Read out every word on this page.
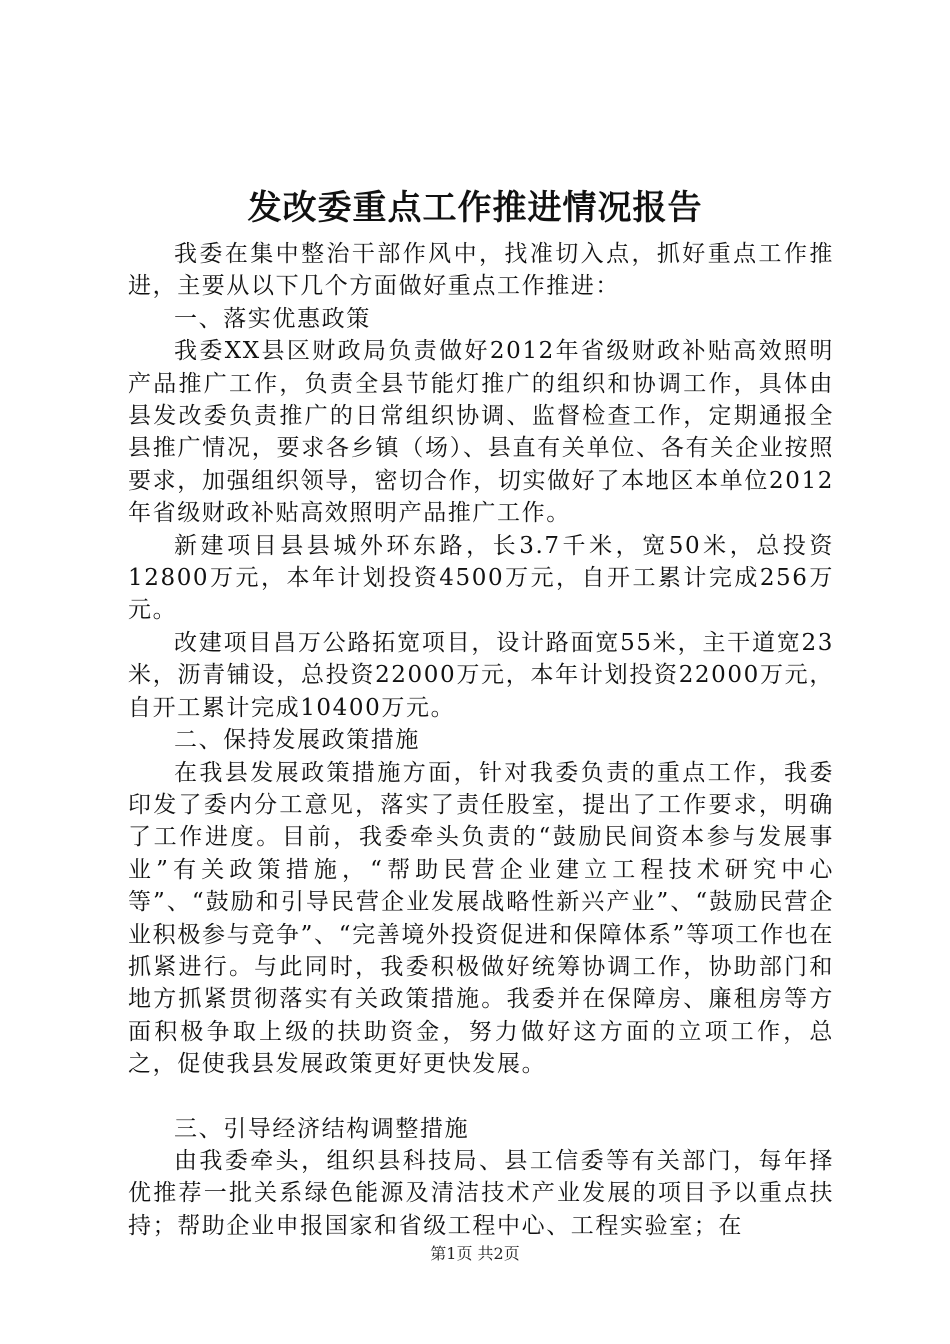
发改委重点工作推进情况报告

我委在集中整治干部作风中，找准切入点，抓好重点工作推进，主要从以下几个方面做好重点工作推进：

一、落实优惠政策

我委XX县区财政局负责做好2012年省级财政补贴高效照明产品推广工作，负责全县节能灯推广的组织和协调工作，具体由县发改委负责推广的日常组织协调、监督检查工作，定期通报全县推广情况，要求各乡镇（场）、县直有关单位、各有关企业按照要求，加强组织领导，密切合作，切实做好了本地区本单位2012年省级财政补贴高效照明产品推广工作。

新建项目县县城外环东路，长3.7千米，宽50米，总投资12800万元，本年计划投资4500万元，自开工累计完成256万元。

改建项目昌万公路拓宽项目，设计路面宽55米，主干道宽23米，沥青铺设，总投资22000万元，本年计划投资22000万元，自开工累计完成10400万元。

二、保持发展政策措施

在我县发展政策措施方面，针对我委负责的重点工作，我委印发了委内分工意见，落实了责任股室，提出了工作要求，明确了工作进度。目前，我委牵头负责的“鼓励民间资本参与发展事业”有关政策措施，“帮助民营企业建立工程技术研究中心等”、“鼓励和引导民营企业发展战略性新兴产业”、“鼓励民营企业积极参与竞争”、“完善境外投资促进和保障体系”等项工作也在抓紧进行。与此同时，我委积极做好统筹协调工作，协助部门和地方抓紧贯彻落实有关政策措施。我委并在保障房、廉租房等方面积极争取上级的扶助资金，努力做好这方面的立项工作，总之，促使我县发展政策更好更快发展。

三、引导经济结构调整措施

由我委牵头，组织县科技局、县工信委等有关部门，每年择优推荐一批关系绿色能源及清洁技术产业发展的项目予以重点扶持；帮助企业申报国家和省级工程中心、工程实验室；在

第1页 共2页
